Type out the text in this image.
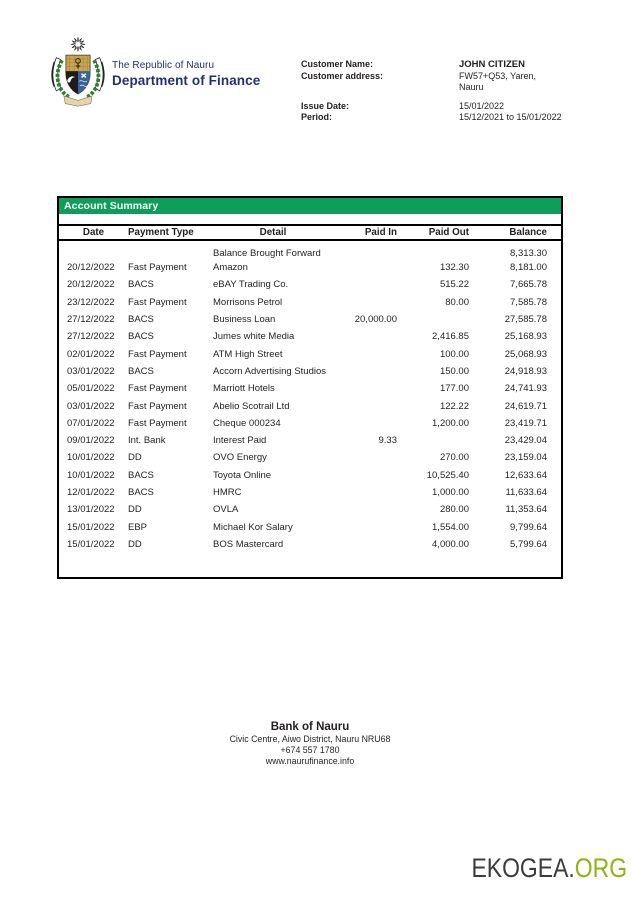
The Republic of Nauru
Department of Finance
Customer Name:	JOHN CITIZEN
Customer address:	FW57+Q53, Yaren,
Nauru
Issue Date:	15/01/2022
Period:	15/12/2021 to 15/01/2022
Account Summary
Date	Payment Type	Detail	Paid In	Paid Out	Balance
		Balance Brought Forward			8,313.30
20/12/2022	Fast Payment	Amazon		132.30	8,181.00
20/12/2022	BACS	eBAY Trading Co.		515.22	7,665.78
23/12/2022	Fast Payment	Morrisons Petrol		80.00	7,585.78
27/12/2022	BACS	Business Loan	20,000.00		27,585.78
27/12/2022	BACS	Jumes white Media		2,416.85	25,168.93
02/01/2022	Fast Payment	ATM High Street		100.00	25,068.93
03/01/2022	BACS	Accorn Advertising Studios		150.00	24,918.93
05/01/2022	Fast Payment	Marriott Hotels		177.00	24,741.93
03/01/2022	Fast Payment	Abelio Scotrail Ltd		122.22	24,619.71
07/01/2022	Fast Payment	Cheque 000234		1,200.00	23,419.71
09/01/2022	Int. Bank	Interest Paid	9.33		23,429.04
10/01/2022	DD	OVO Energy		270.00	23,159.04
10/01/2022	BACS	Toyota Online		10,525.40	12,633.64
12/01/2022	BACS	HMRC		1,000.00	11,633.64
13/01/2022	DD	OVLA		280.00	11,353.64
15/01/2022	EBP	Michael Kor Salary		1,554.00	9,799.64
15/01/2022	DD	BOS Mastercard		4,000.00	5,799.64
Bank of Nauru
Civic Centre, Aiwo District, Nauru NRU68
+674 557 1780
www.naurufinance.info
EKOGEA.ORG
